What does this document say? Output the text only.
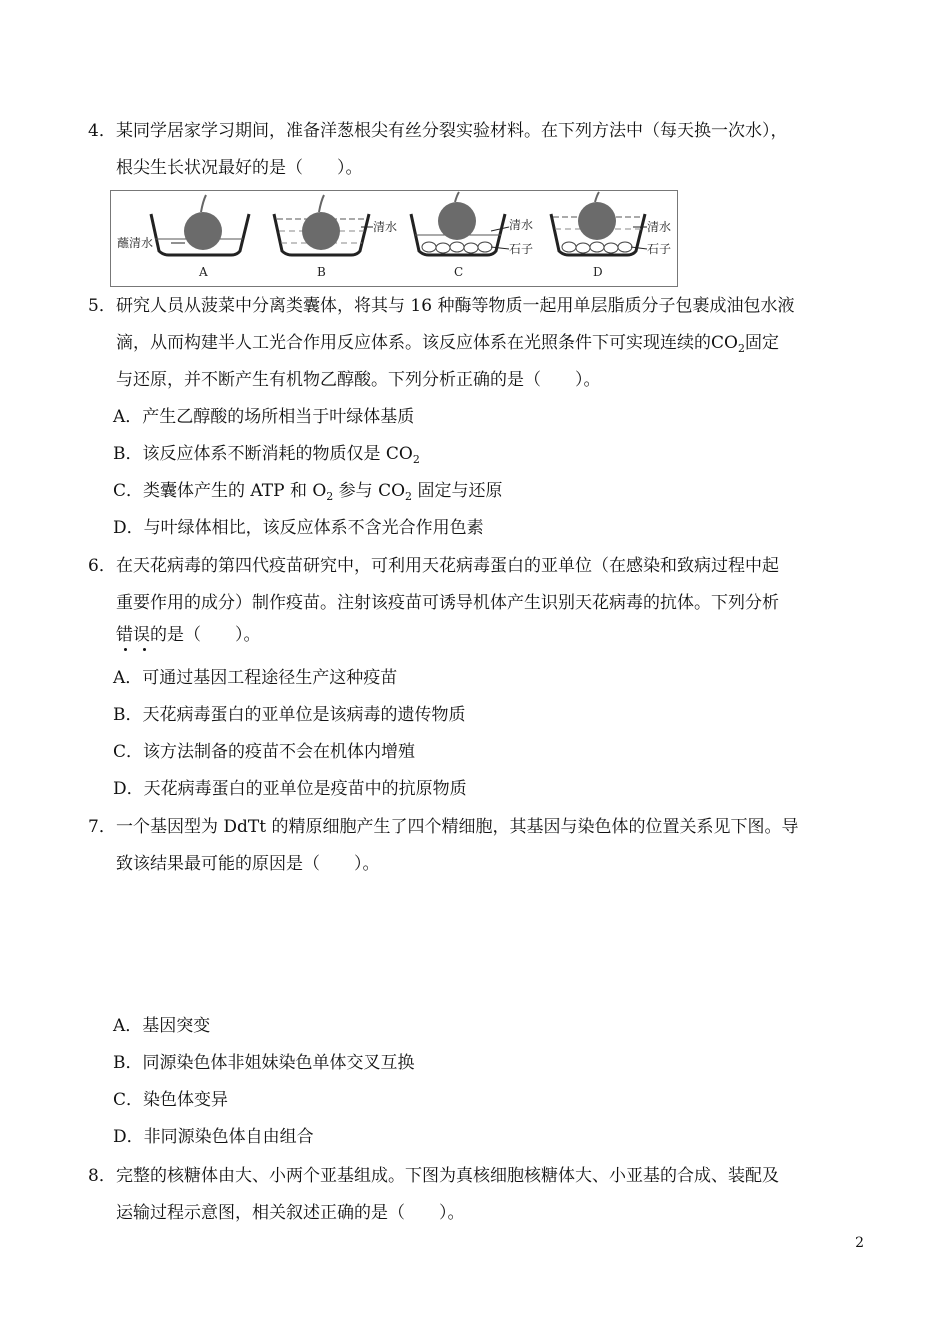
4． 某同学居家学习期间，准备洋葱根尖有丝分裂实验材料。在下列方法中（每天换一次水），
根尖生长状况最好的是（　　）。
蘸清水
A
清水
B
清水
石子
C
清水
石子
D
5． 研究人员从菠菜中分离类囊体，将其与 16 种酶等物质一起用单层脂质分子包裹成油包水液
滴，从而构建半人工光合作用反应体系。该反应体系在光照条件下可实现连续的$CO_2$固定
与还原，并不断产生有机物乙醇酸。下列分析正确的是（　　）。
A．产生乙醇酸的场所相当于叶绿体基质
B．该反应体系不断消耗的物质仅是 $CO_2$
C．类囊体产生的 ATP 和 $O_2$ 参与 $CO_2$ 固定与还原
D．与叶绿体相比，该反应体系不含光合作用色素
6． 在天花病毒的第四代疫苗研究中，可利用天花病毒蛋白的亚单位（在感染和致病过程中起
重要作用的成分）制作疫苗。注射该疫苗可诱导机体产生识别天花病毒的抗体。下列分析
错误的是（　　）。
A．可通过基因工程途径生产这种疫苗
B．天花病毒蛋白的亚单位是该病毒的遗传物质
C．该方法制备的疫苗不会在机体内增殖
D．天花病毒蛋白的亚单位是疫苗中的抗原物质
7． 一个基因型为 DdTt 的精原细胞产生了四个精细胞，其基因与染色体的位置关系见下图。导
致该结果最可能的原因是（　　）。
A．基因突变
B．同源染色体非姐妹染色单体交叉互换
C．染色体变异
D．非同源染色体自由组合
8． 完整的核糖体由大、小两个亚基组成。下图为真核细胞核糖体大、小亚基的合成、装配及
运输过程示意图，相关叙述正确的是（　　）。
2
